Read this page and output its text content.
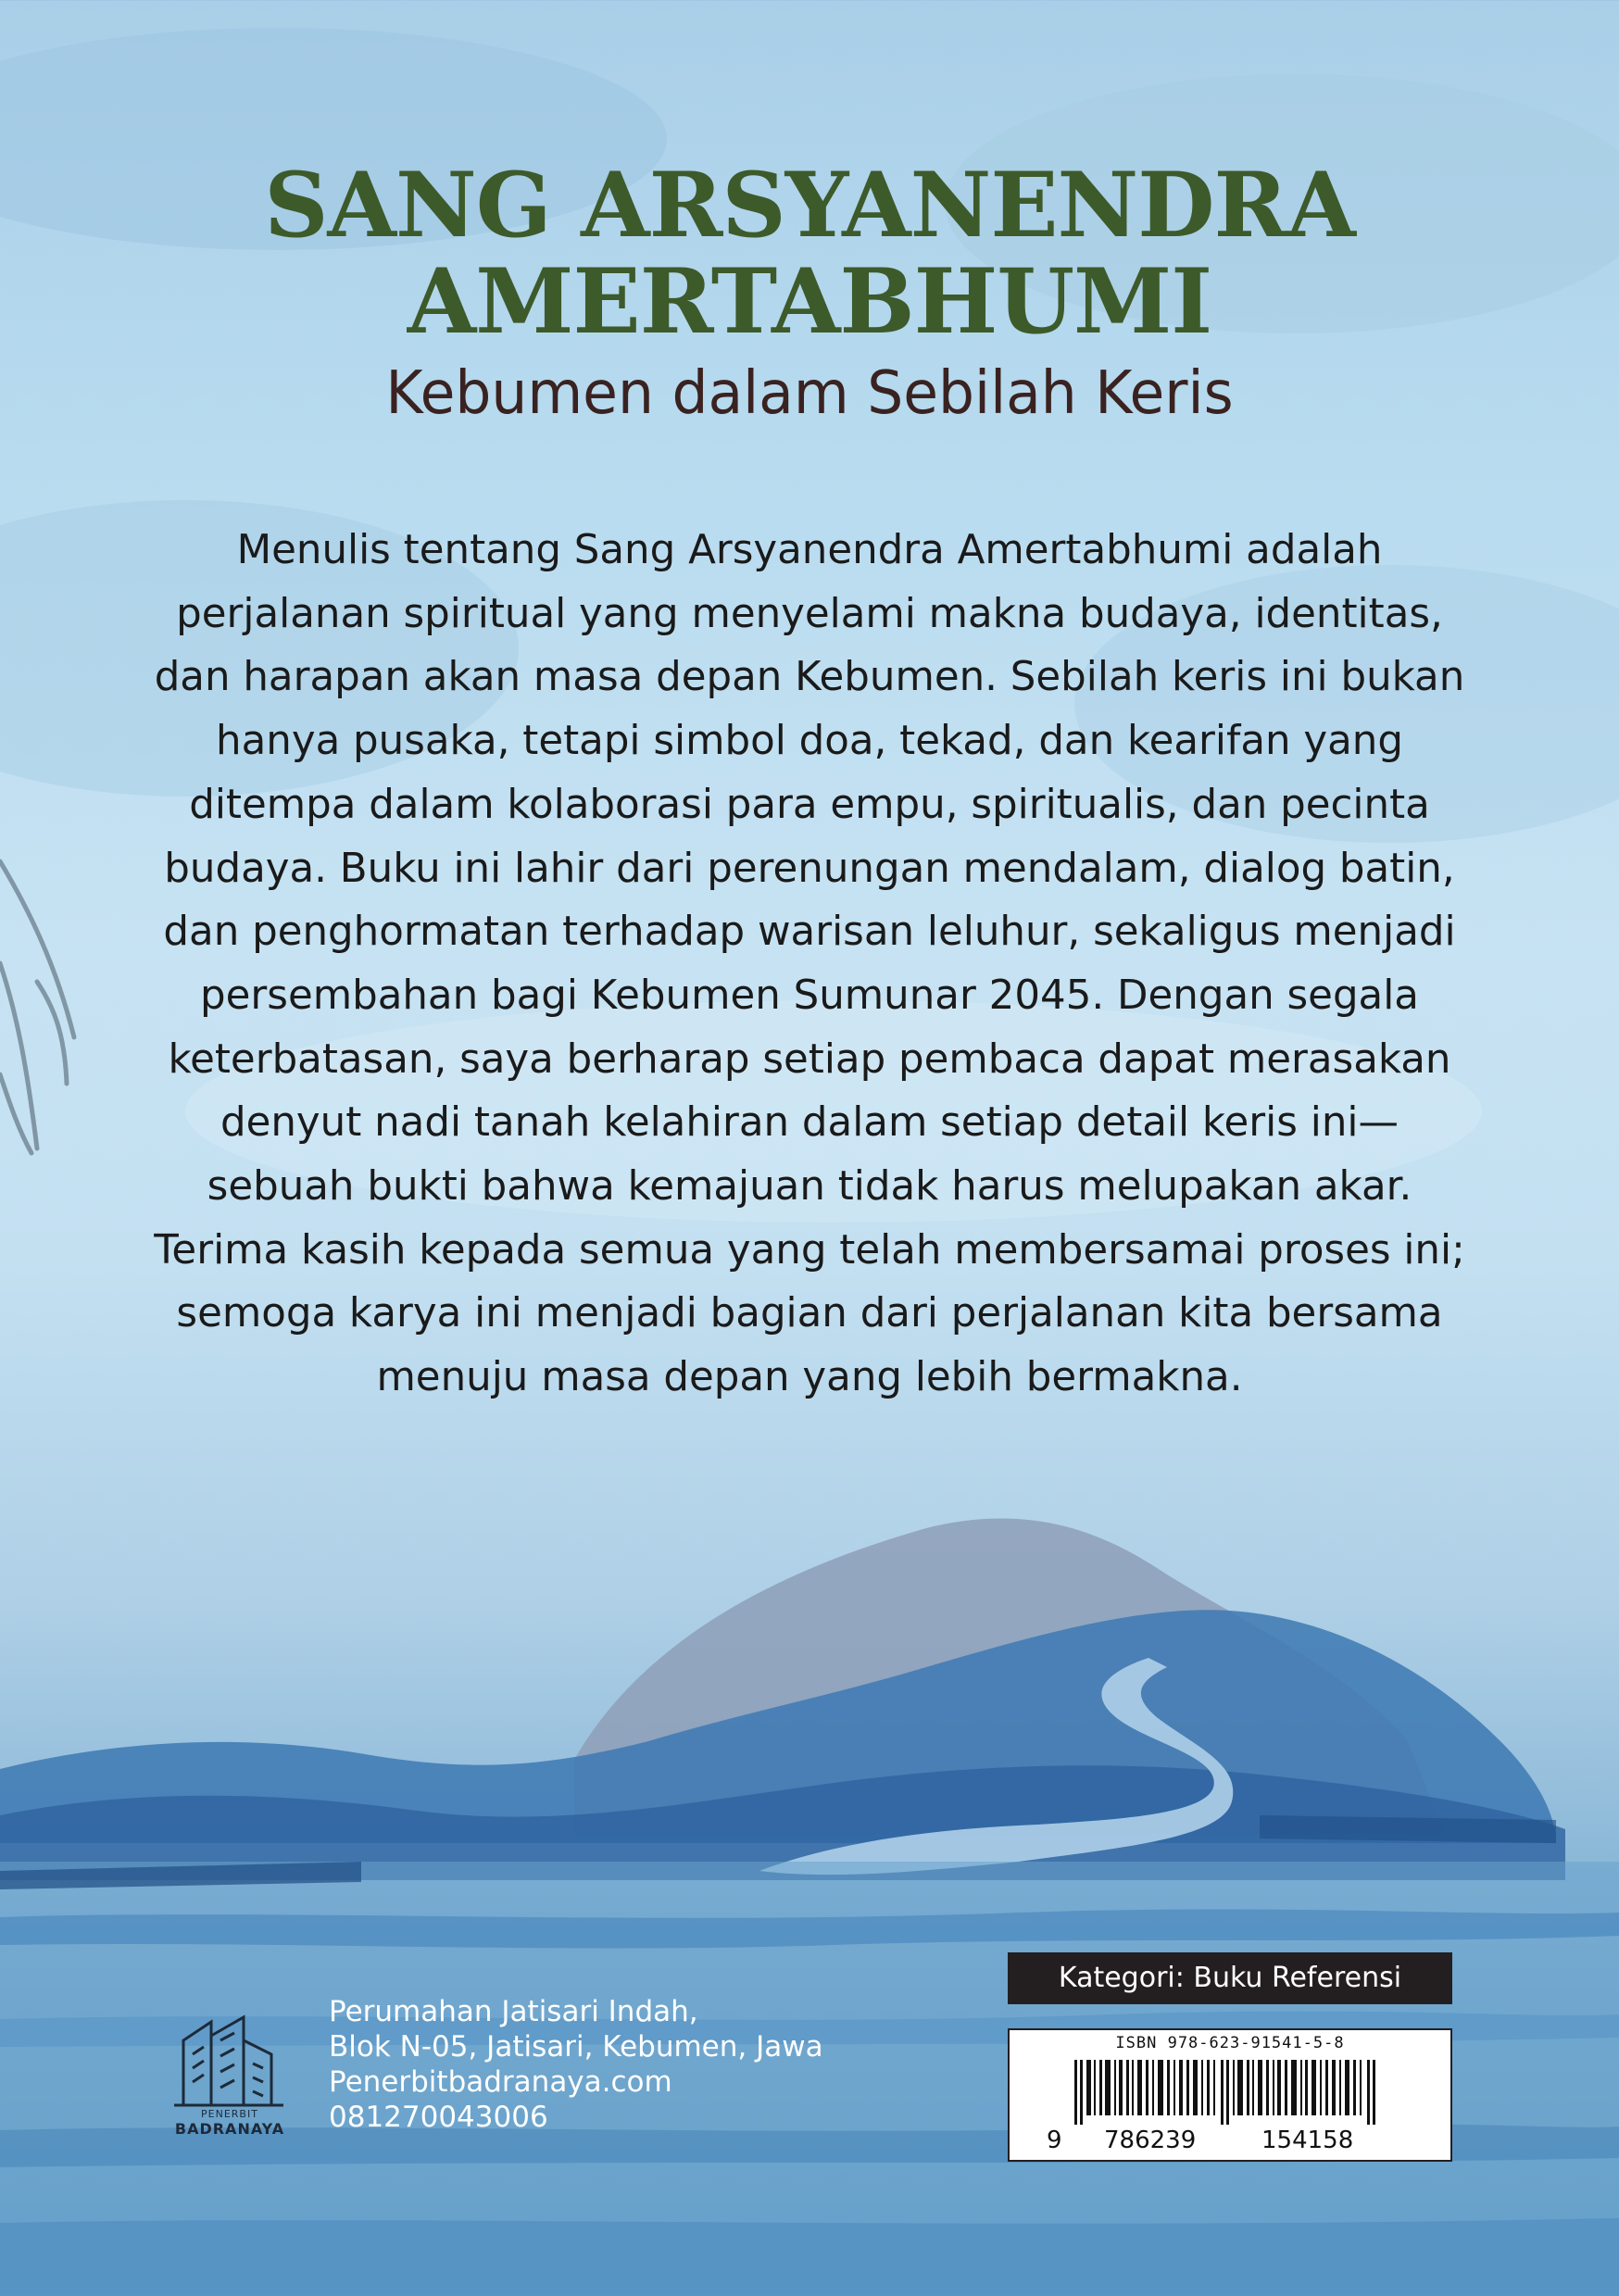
SANG ARSYANENDRA
AMERTABHUMI
Kebumen dalam Sebilah Keris
Menulis tentang Sang Arsyanendra Amertabhumi adalah
perjalanan spiritual yang menyelami makna budaya, identitas,
dan harapan akan masa depan Kebumen. Sebilah keris ini bukan
hanya pusaka, tetapi simbol doa, tekad, dan kearifan yang
ditempa dalam kolaborasi para empu, spiritualis, dan pecinta
budaya. Buku ini lahir dari perenungan mendalam, dialog batin,
dan penghormatan terhadap warisan leluhur, sekaligus menjadi
persembahan bagi Kebumen Sumunar 2045. Dengan segala
keterbatasan, saya berharap setiap pembaca dapat merasakan
denyut nadi tanah kelahiran dalam setiap detail keris ini—
sebuah bukti bahwa kemajuan tidak harus melupakan akar.
Terima kasih kepada semua yang telah membersamai proses ini;
semoga karya ini menjadi bagian dari perjalanan kita bersama
menuju masa depan yang lebih bermakna.
PENERBIT
BADRANAYA
Perumahan Jatisari Indah,
Blok N-05, Jatisari, Kebumen, Jawa
Penerbitbadranaya.com
081270043006
Kategori: Buku Referensi
ISBN 978-623-91541-5-8
9 786239	154158
